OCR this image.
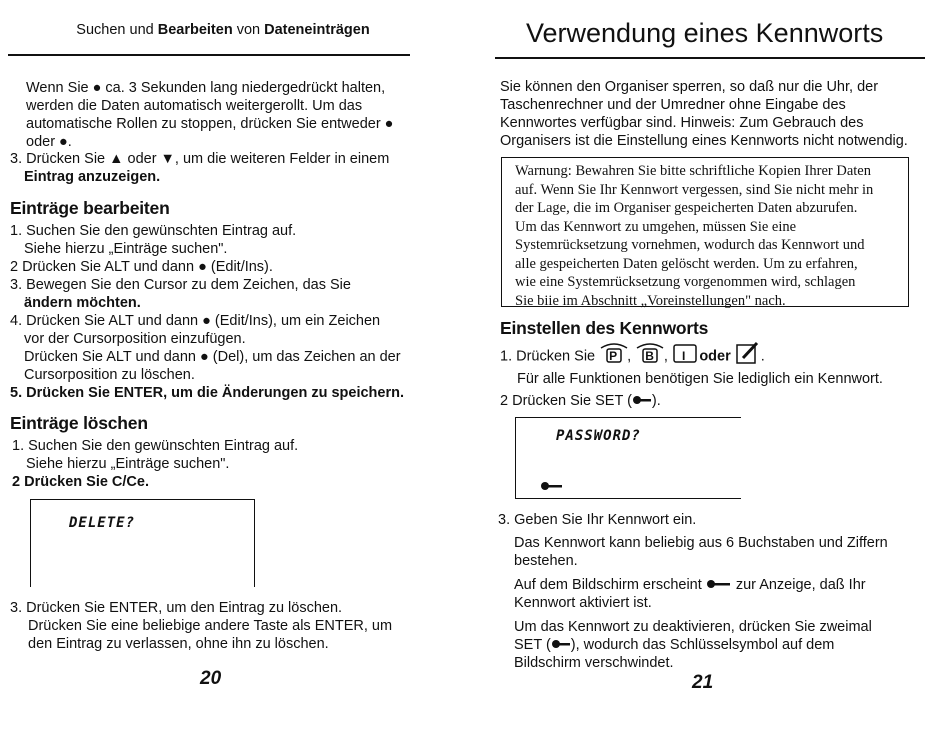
Suchen und Bearbeiten von Dateneinträgen

Wenn Sie ● ca. 3 Sekunden lang niedergedrückt halten,

werden die Daten automatisch weitergerollt. Um das

automatische Rollen zu stoppen, drücken Sie entweder ●

oder ●.

3. Drücken Sie ▲ oder ▼, um die weiteren Felder in einem

Eintrag anzuzeigen.

Einträge bearbeiten

1. Suchen Sie den gewünschten Eintrag auf.

Siehe hierzu „Einträge suchen".

2 Drücken Sie ALT und dann ● (Edit/Ins).

3. Bewegen Sie den Cursor zu dem Zeichen, das Sie

ändern möchten.

4. Drücken Sie ALT und dann ● (Edit/Ins), um ein Zeichen

vor der Cursorposition einzufügen.

Drücken Sie ALT und dann ● (Del), um das Zeichen an der

Cursorposition zu löschen.

5. Drücken Sie ENTER, um die Änderungen zu speichern.

Einträge löschen

1. Suchen Sie den gewünschten Eintrag auf.

Siehe hierzu „Einträge suchen".

2 Drücken Sie C/Ce.

DELETE?

3. Drücken Sie ENTER, um den Eintrag zu löschen.

Drücken Sie eine beliebige andere Taste als ENTER, um

den Eintrag zu verlassen, ohne ihn zu löschen.

20
Verwendung eines Kennworts

Sie können den Organiser sperren, so daß nur die Uhr, der

Taschenrechner und der Umredner ohne Eingabe des

Kennwortes verfügbar sind. Hinweis: Zum Gebrauch des

Organisers ist die Einstellung eines Kennworts nicht notwendig.

Warnung: Bewahren Sie bitte schriftliche Kopien Ihrer Daten
auf. Wenn Sie Ihr Kennwort vergessen, sind Sie nicht mehr in
der Lage, die im Organiser gespeicherten Daten abzurufen.
Um das Kennwort zu umgehen, müssen Sie eine
Systemrücksetzung vornehmen, wodurch das Kennwort und
alle gespeicherten Daten gelöscht werden. Um zu erfahren,
wie eine Systemrücksetzung vorgenommen wird, schlagen
Sie biie im Abschnitt „Voreinstellungen" nach.
Einstellen des Kennworts
1. Drücken Sie P , B , I oder .
Für alle Funktionen benötigen Sie lediglich ein Kennwort.
2 Drücken Sie SET ( ).
PASSWORD?
3. Geben Sie Ihr Kennwort ein.

Das Kennwort kann beliebig aus 6 Buchstaben und Ziffern

bestehen.

Auf dem Bildschirm erscheint zur Anzeige, daß Ihr

Kennwort aktiviert ist.

Um das Kennwort zu deaktivieren, drücken Sie zweimal

SET ( ), wodurch das Schlüsselsymbol auf dem

Bildschirm verschwindet.

21
